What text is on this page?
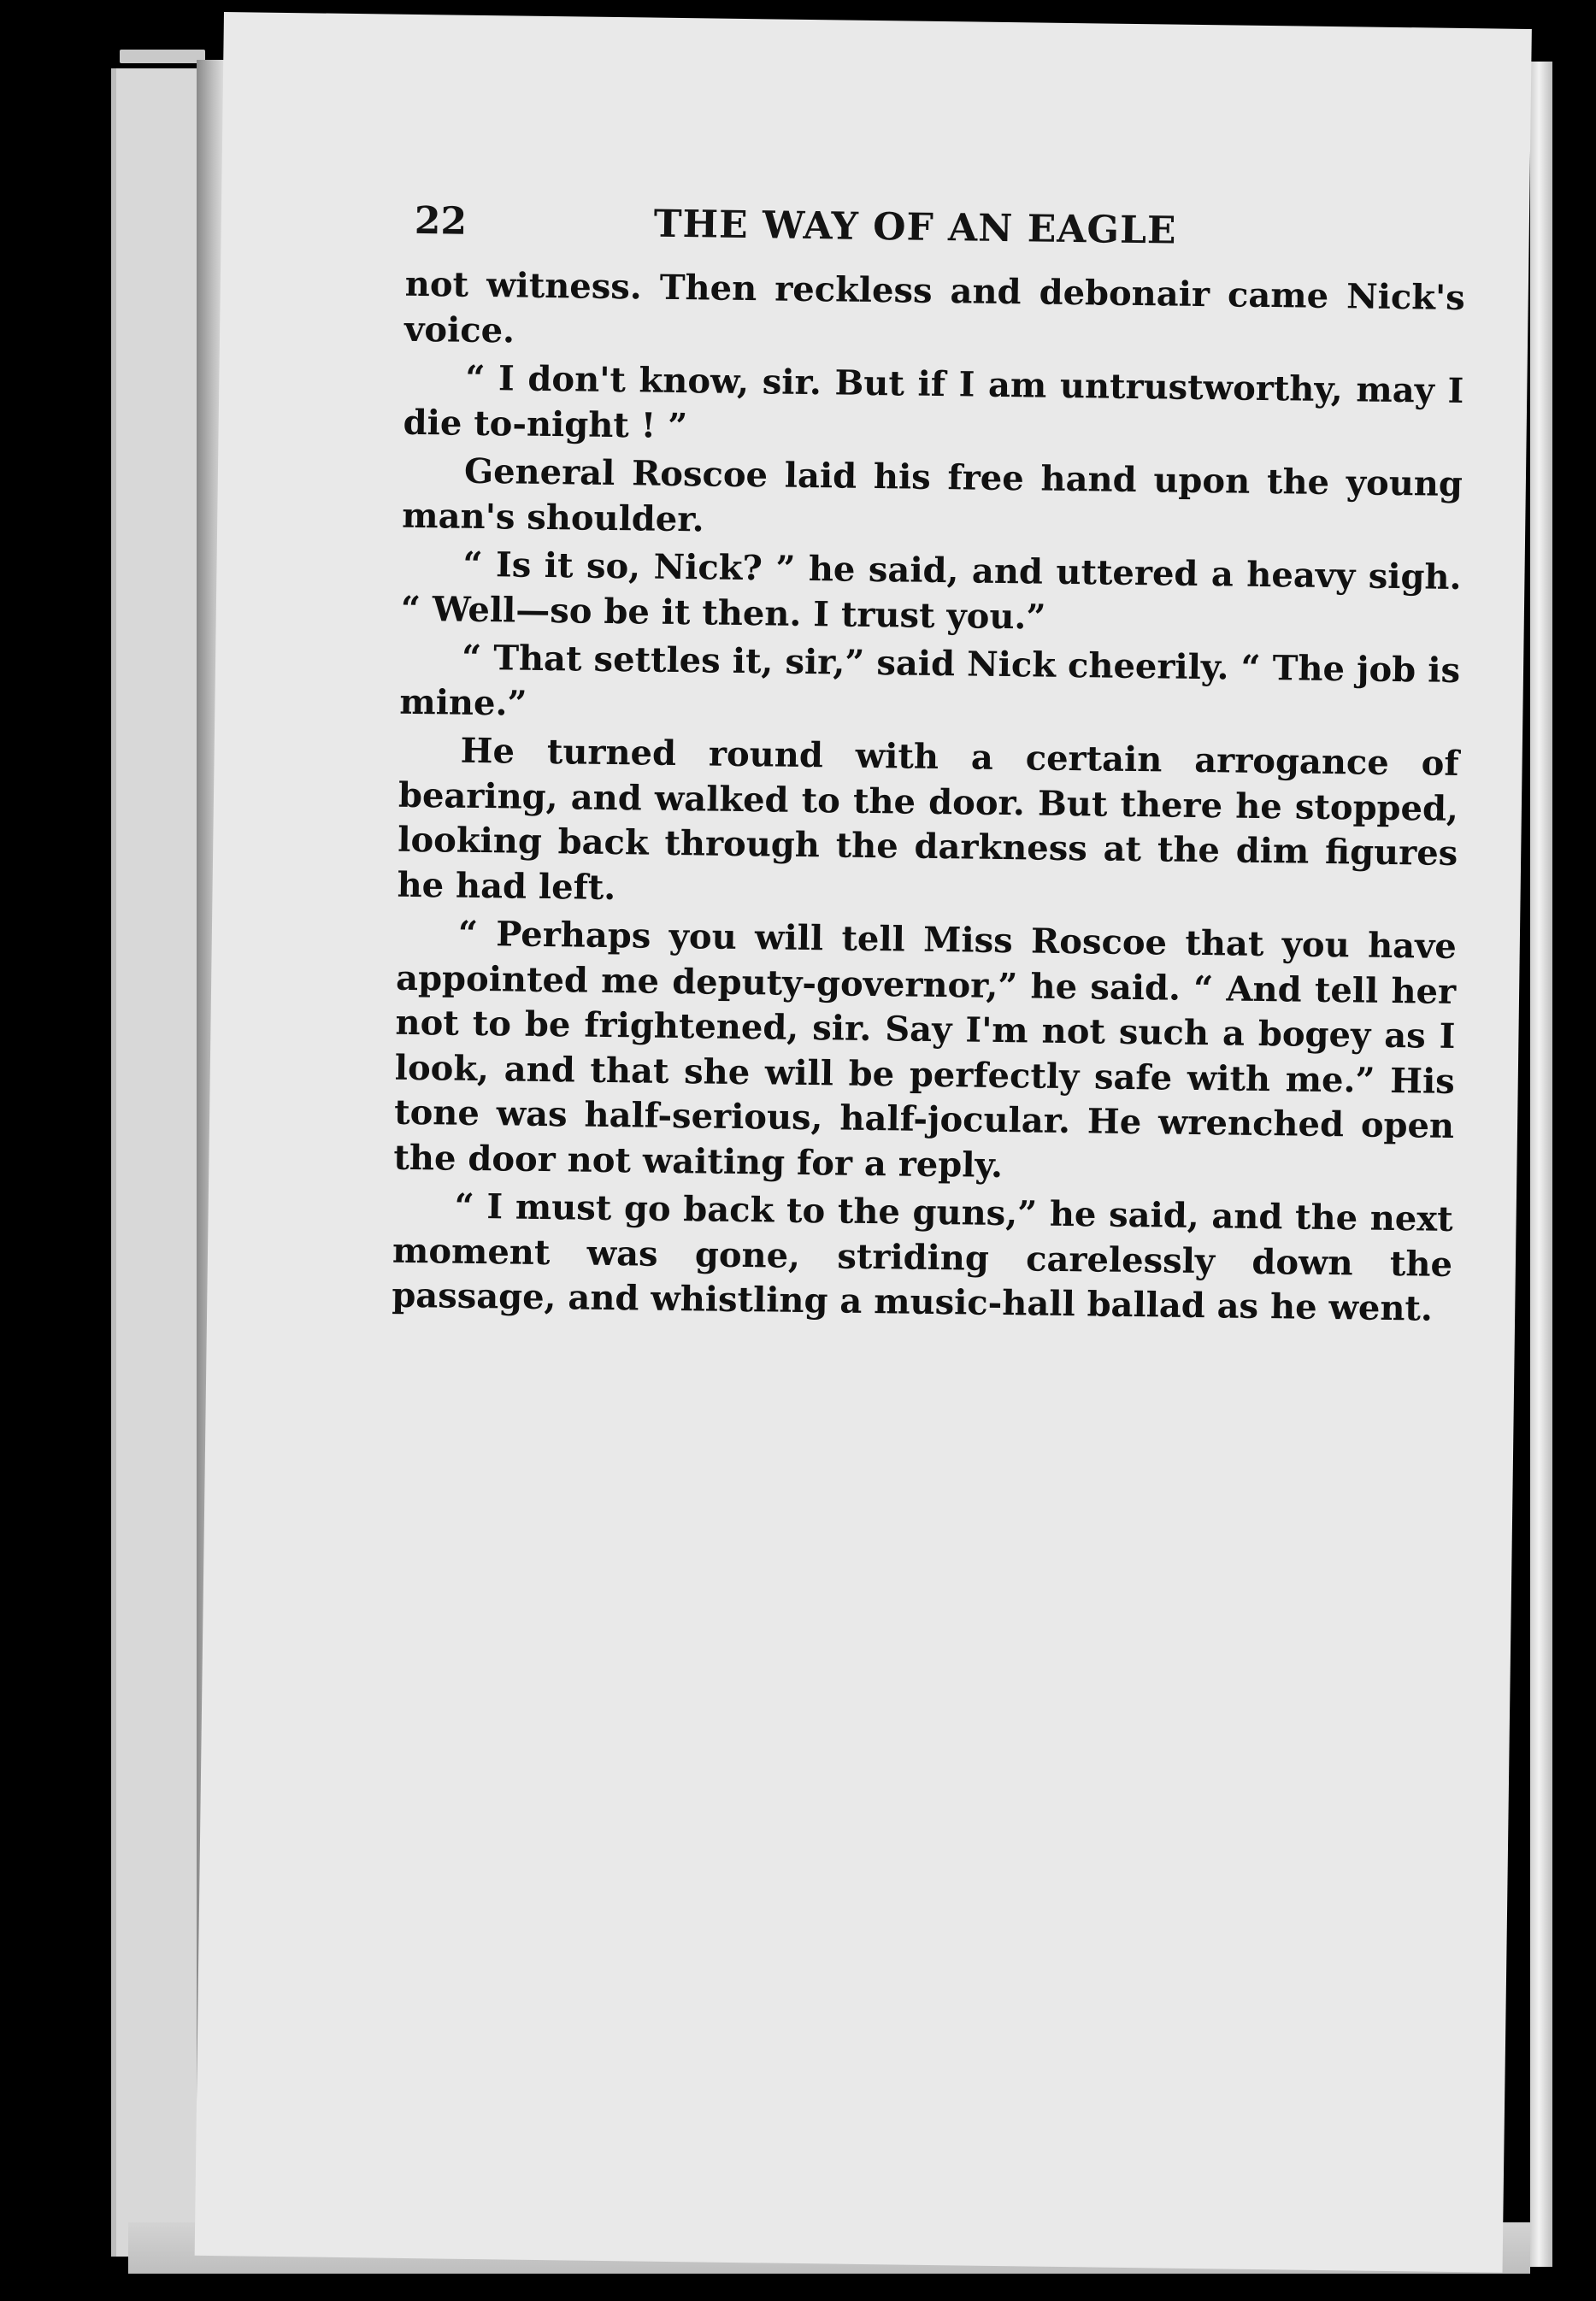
22	THE WAY OF AN EAGLE

not witness. Then reckless and debonair came Nick's voice.

“ I don't know, sir. But if I am untrustworthy, may I die to-night ! ”

General Roscoe laid his free hand upon the young man's shoulder.

“ Is it so, Nick? ” he said, and uttered a heavy sigh. “ Well—so be it then. I trust you.”

“ That settles it, sir,” said Nick cheerily. “ The job is mine.”

He turned round with a certain arrogance of bearing, and walked to the door. But there he stopped, looking back through the darkness at the dim figures he had left.

“ Perhaps you will tell Miss Roscoe that you have appointed me deputy-governor,” he said. “ And tell her not to be frightened, sir. Say I'm not such a bogey as I look, and that she will be perfectly safe with me.” His tone was half-serious, half-jocular. He wrenched open the door not waiting for a reply.

“ I must go back to the guns,” he said, and the next moment was gone, striding carelessly down the passage, and whistling a music-hall ballad as he went.
